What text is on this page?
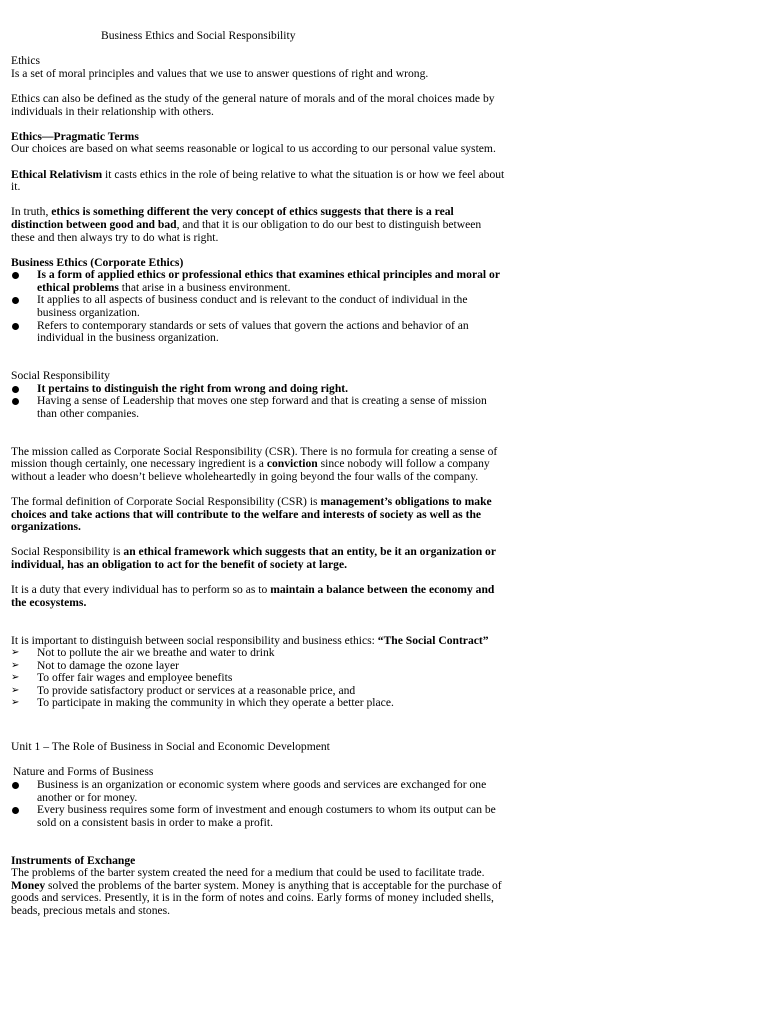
Business Ethics and Social Responsibility

Ethics

Is a set of moral principles and values that we use to answer questions of right and wrong.

Ethics can also be defined as the study of the general nature of morals and of the moral choices made by individuals in their relationship with others.

Ethics—Pragmatic Terms

Our choices are based on what seems reasonable or logical to us according to our personal value system.

Ethical Relativism it casts ethics in the role of being relative to what the situation is or how we feel about it.

In truth, ethics is something different the very concept of ethics suggests that there is a real distinction between good and bad, and that it is our obligation to do our best to distinguish between these and then always try to do what is right.

Business Ethics (Corporate Ethics)

Is a form of applied ethics or professional ethics that examines ethical principles and moral or ethical problems that arise in a business environment.
It applies to all aspects of business conduct and is relevant to the conduct of individual in the business organization.
Refers to contemporary standards or sets of values that govern the actions and behavior of an individual in the business organization.

Social Responsibility

It pertains to distinguish the right from wrong and doing right.
Having a sense of Leadership that moves one step forward and that is creating a sense of mission than other companies.

The mission called as Corporate Social Responsibility (CSR). There is no formula for creating a sense of mission though certainly, one necessary ingredient is a conviction since nobody will follow a company without a leader who doesn’t believe wholeheartedly in going beyond the four walls of the company.

The formal definition of Corporate Social Responsibility (CSR) is management’s obligations to make choices and take actions that will contribute to the welfare and interests of society as well as the organizations.

Social Responsibility is an ethical framework which suggests that an entity, be it an organization or individual, has an obligation to act for the benefit of society at large.

It is a duty that every individual has to perform so as to maintain a balance between the economy and the ecosystems.

It is important to distinguish between social responsibility and business ethics: “The Social Contract”

➢	Not to pollute the air we breathe and water to drink
➢	Not to damage the ozone layer
➢	To offer fair wages and employee benefits
➢	To provide satisfactory product or services at a reasonable price, and
➢	To participate in making the community in which they operate a better place.

Unit 1 – The Role of Business in Social and Economic Development

Nature and Forms of Business

Business is an organization or economic system where goods and services are exchanged for one another or for money.
Every business requires some form of investment and enough costumers to whom its output can be sold on a consistent basis in order to make a profit.

Instruments of Exchange

The problems of the barter system created the need for a medium that could be used to facilitate trade. Money solved the problems of the barter system. Money is anything that is acceptable for the purchase of goods and services. Presently, it is in the form of notes and coins. Early forms of money included shells, beads, precious metals and stones.
